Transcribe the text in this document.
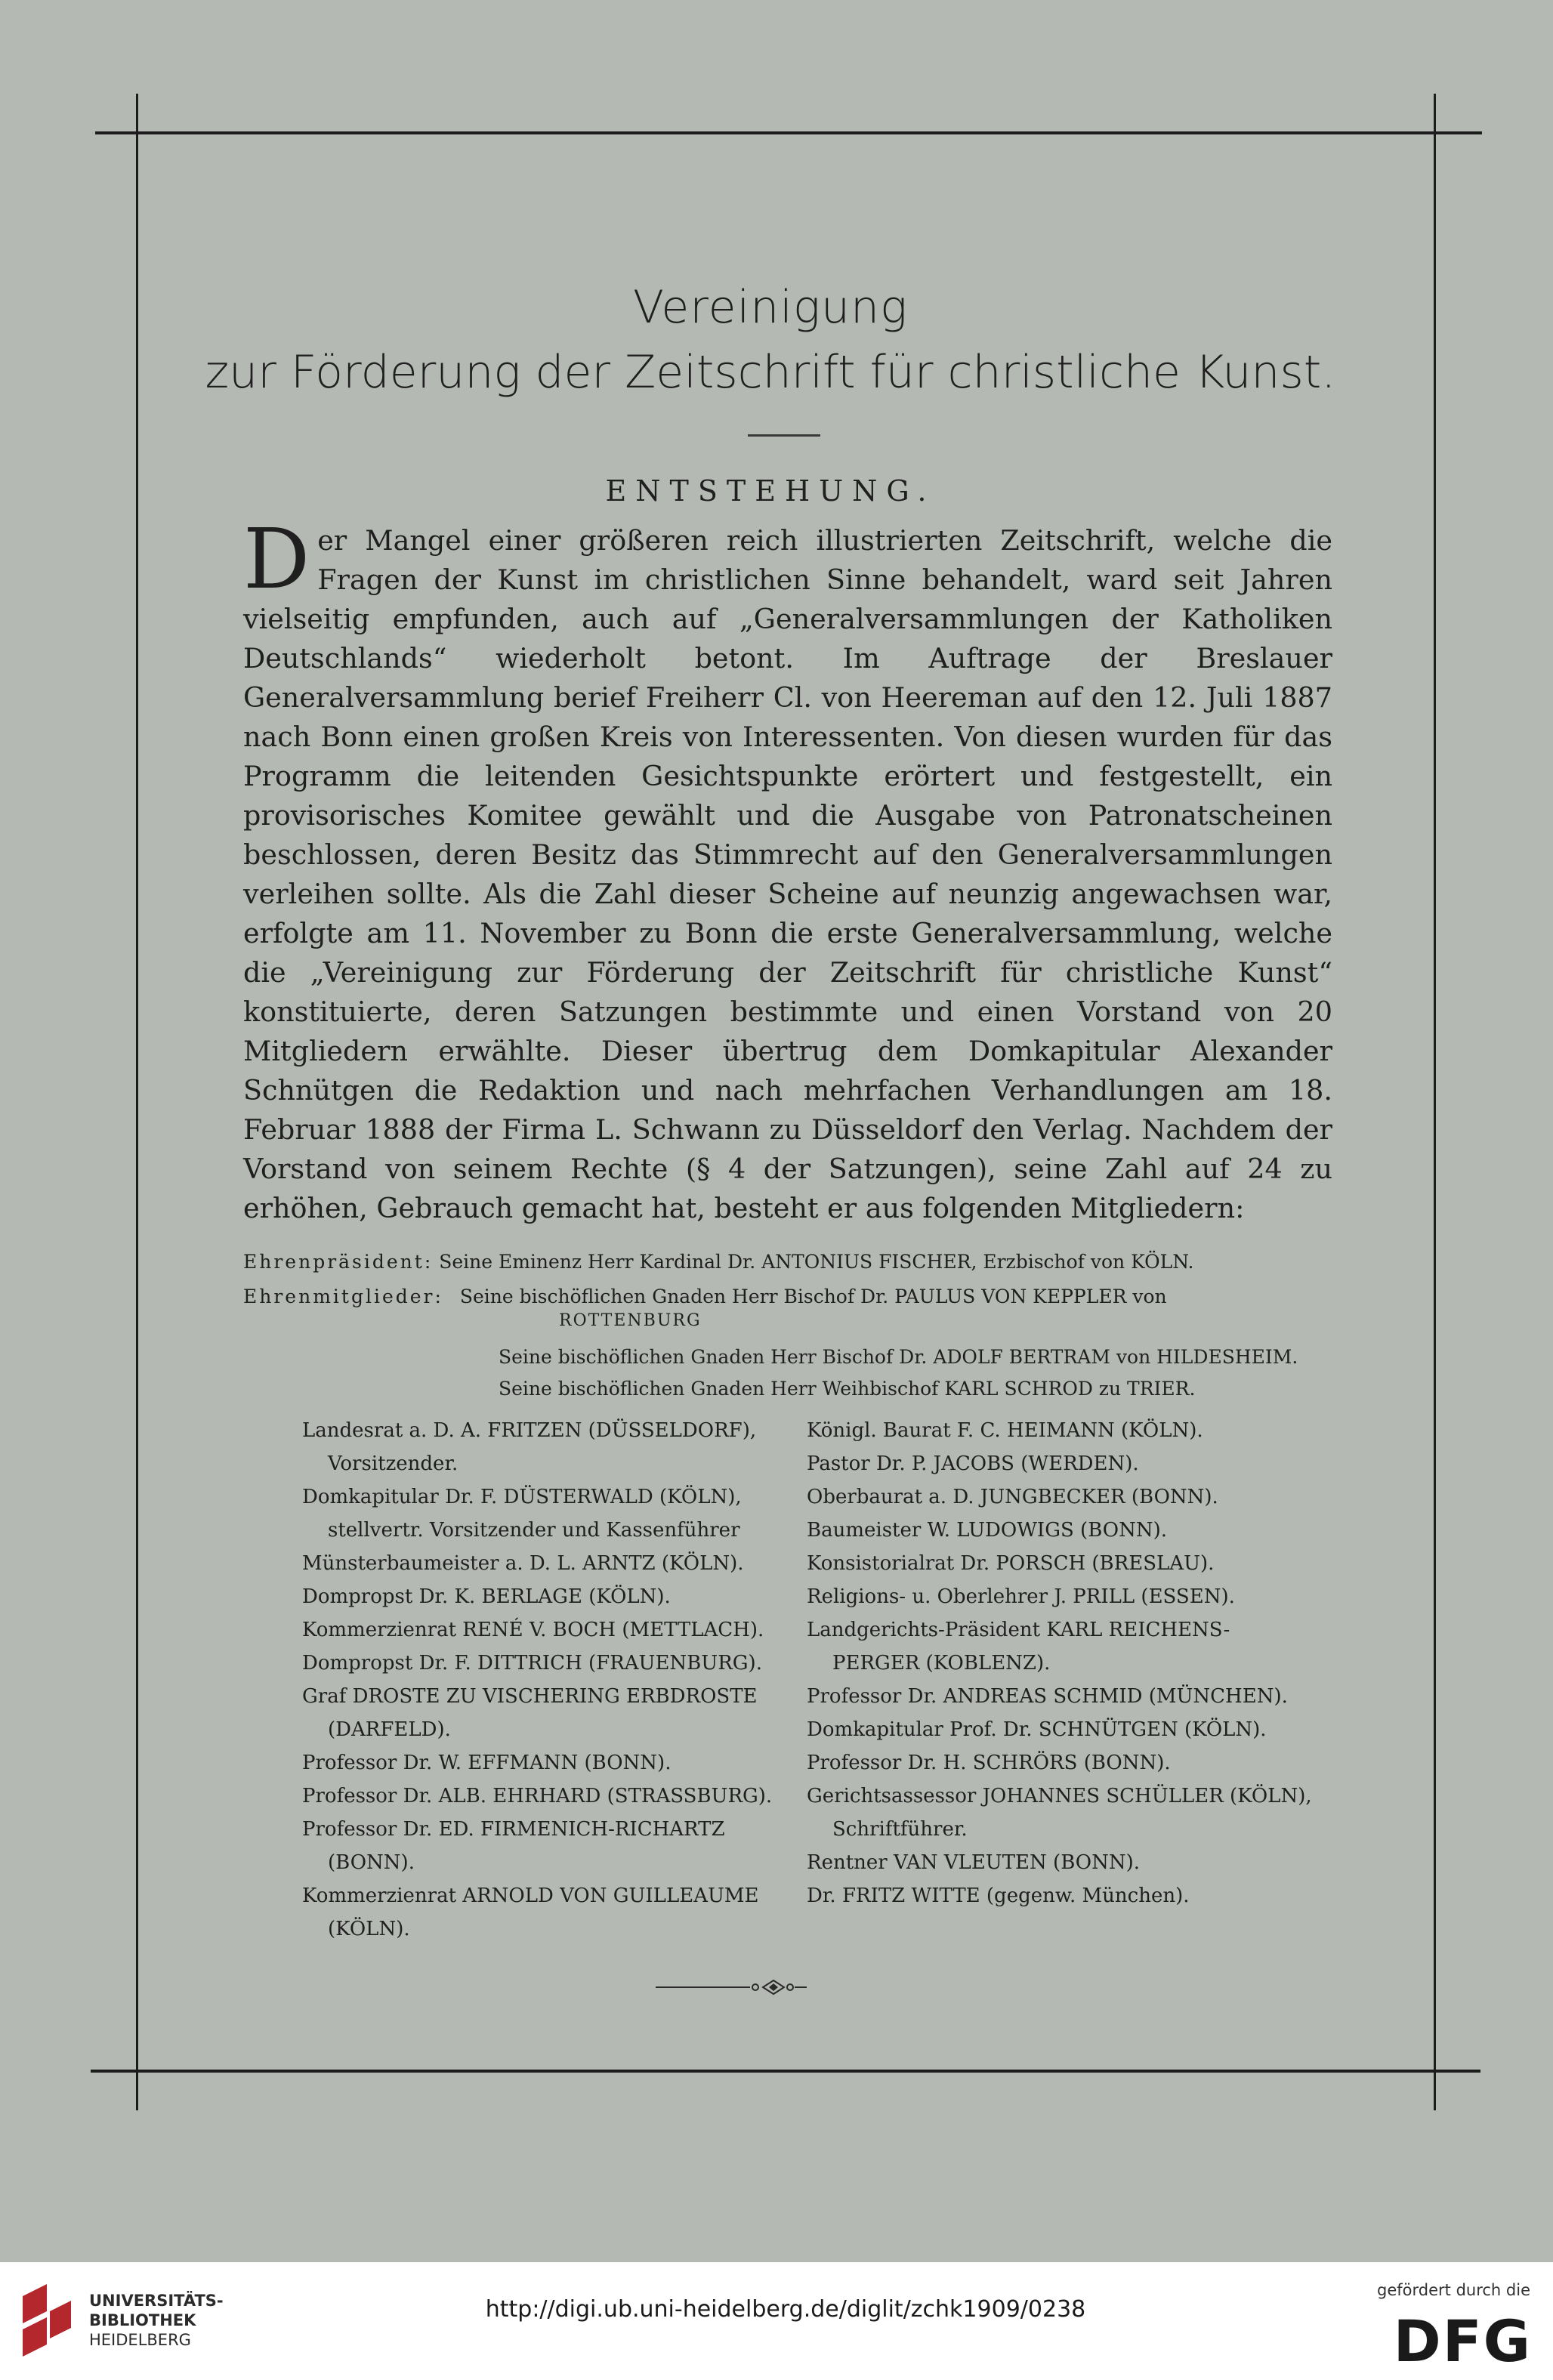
Vereinigung
zur Förderung der Zeitschrift für christliche Kunst.
ENTSTEHUNG.
Der Mangel einer größeren reich illustrierten Zeitschrift, welche die Fragen der Kunst im christlichen Sinne behandelt, ward seit Jahren vielseitig empfunden, auch auf „Generalversammlungen der Katholiken Deutschlands“ wiederholt betont. Im Auftrage der Breslauer Generalversammlung berief Freiherr Cl. von Heereman auf den 12. Juli 1887 nach Bonn einen großen Kreis von Interessenten. Von diesen wurden für das Programm die leitenden Gesichtspunkte erörtert und festgestellt, ein provisorisches Komitee gewählt und die Ausgabe von Patronatscheinen beschlossen, deren Besitz das Stimmrecht auf den Generalversammlungen verleihen sollte. Als die Zahl dieser Scheine auf neunzig angewachsen war, erfolgte am 11. November zu Bonn die erste Generalversammlung, welche die „Vereinigung zur Förderung der Zeitschrift für christliche Kunst“ konstituierte, deren Satzungen bestimmte und einen Vorstand von 20 Mitgliedern erwählte. Dieser übertrug dem Domkapitular Alexander Schnütgen die Redaktion und nach mehrfachen Verhandlungen am 18. Februar 1888 der Firma L. Schwann zu Düsseldorf den Verlag. Nachdem der Vorstand von seinem Rechte (§ 4 der Satzungen), seine Zahl auf 24 zu erhöhen, Gebrauch gemacht hat, besteht er aus folgenden Mitgliedern:
Ehrenpräsident: Seine Eminenz Herr Kardinal Dr. ANTONIUS FISCHER, Erzbischof von KÖLN.
Ehrenmitglieder: Seine bischöflichen Gnaden Herr Bischof Dr. PAULUS VON KEPPLER von
ROTTENBURG
Seine bischöflichen Gnaden Herr Bischof Dr. ADOLF BERTRAM von HILDESHEIM.
Seine bischöflichen Gnaden Herr Weihbischof KARL SCHROD zu TRIER.
Landesrat a. D. A. FRITZEN (DÜSSELDORF),
Vorsitzender.
Domkapitular Dr. F. DÜSTERWALD (KÖLN),
stellvertr. Vorsitzender und Kassenführer
Münsterbaumeister a. D. L. ARNTZ (KÖLN).
Dompropst Dr. K. BERLAGE (KÖLN).
Kommerzienrat RENÉ V. BOCH (METTLACH).
Dompropst Dr. F. DITTRICH (FRAUENBURG).
Graf DROSTE ZU VISCHERING ERBDROSTE
(DARFELD).
Professor Dr. W. EFFMANN (BONN).
Professor Dr. ALB. EHRHARD (STRASSBURG).
Professor Dr. ED. FIRMENICH-RICHARTZ
(BONN).
Kommerzienrat ARNOLD VON GUILLEAUME
(KÖLN).
Königl. Baurat F. C. HEIMANN (KÖLN).
Pastor Dr. P. JACOBS (WERDEN).
Oberbaurat a. D. JUNGBECKER (BONN).
Baumeister W. LUDOWIGS (BONN).
Konsistorialrat Dr. PORSCH (BRESLAU).
Religions- u. Oberlehrer J. PRILL (ESSEN).
Landgerichts-Präsident KARL REICHENS-
PERGER (KOBLENZ).
Professor Dr. ANDREAS SCHMID (MÜNCHEN).
Domkapitular Prof. Dr. SCHNÜTGEN (KÖLN).
Professor Dr. H. SCHRÖRS (BONN).
Gerichtsassessor JOHANNES SCHÜLLER (KÖLN),
Schriftführer.
Rentner VAN VLEUTEN (BONN).
Dr. FRITZ WITTE (gegenw. München).
UNIVERSITÄTS-
BIBLIOTHEK
HEIDELBERG
http://digi.ub.uni-heidelberg.de/diglit/zchk1909/0238
gefördert durch die
DFG
